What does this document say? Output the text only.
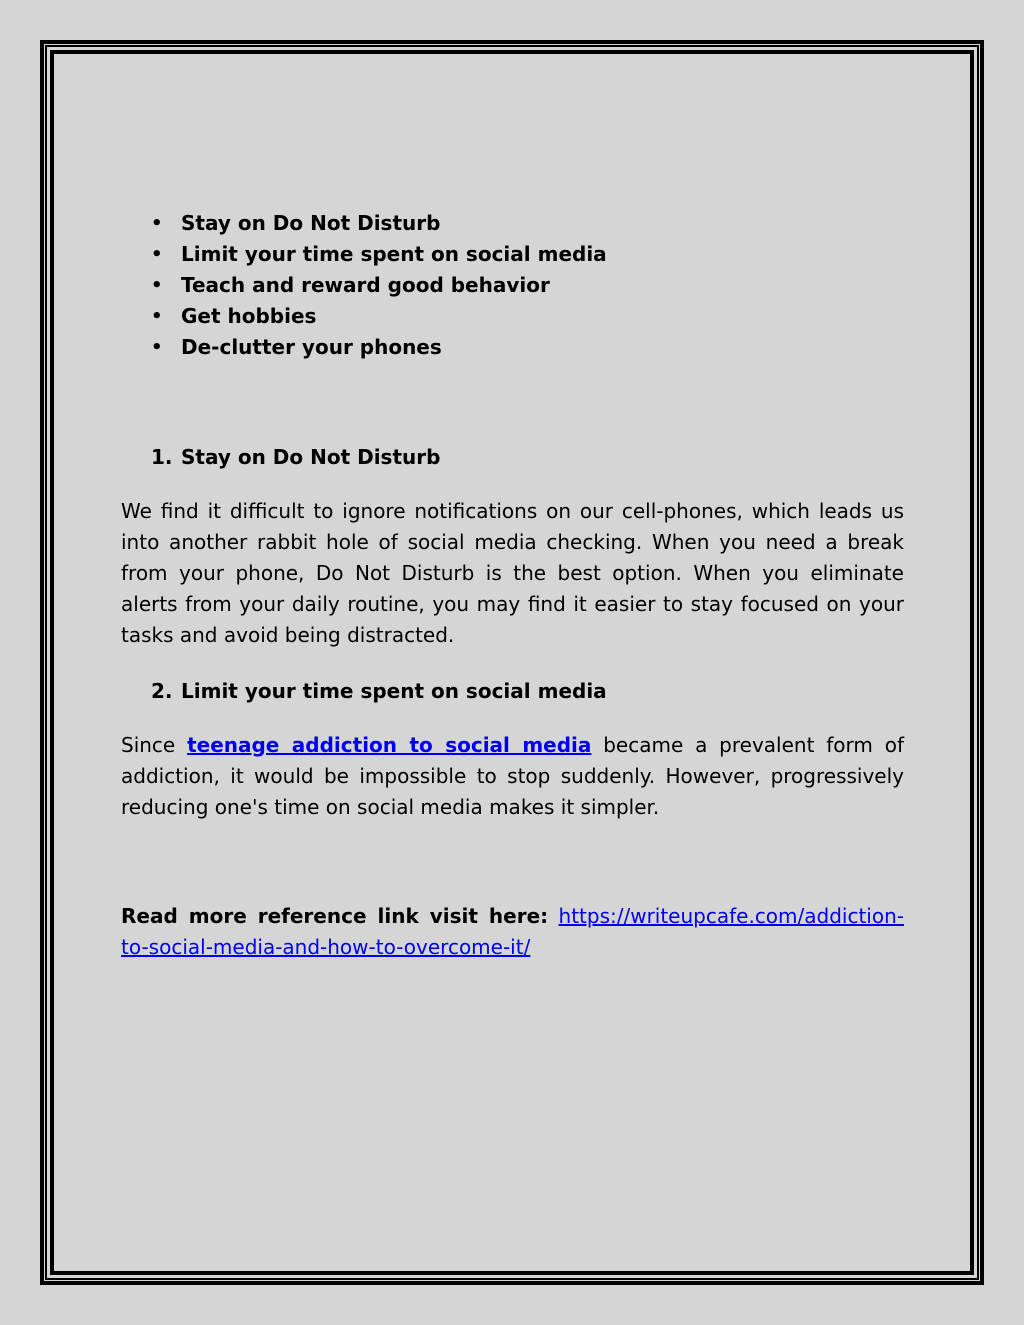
• Stay on Do Not Disturb
• Limit your time spent on social media
• Teach and reward good behavior
• Get hobbies
• De-clutter your phones
1. Stay on Do Not Disturb

We find it difficult to ignore notifications on our cell-phones, which leads us into another rabbit hole of social media checking. When you need a break from your phone, Do Not Disturb is the best option. When you eliminate alerts from your daily routine, you may find it easier to stay focused on your tasks and avoid being distracted.

2. Limit your time spent on social media

Since teenage addiction to social media became a prevalent form of addiction, it would be impossible to stop suddenly. However, progressively reducing one's time on social media makes it simpler.

Read more reference link visit here: https://writeupcafe.com/addiction-to-social-media-and-how-to-overcome-it/
